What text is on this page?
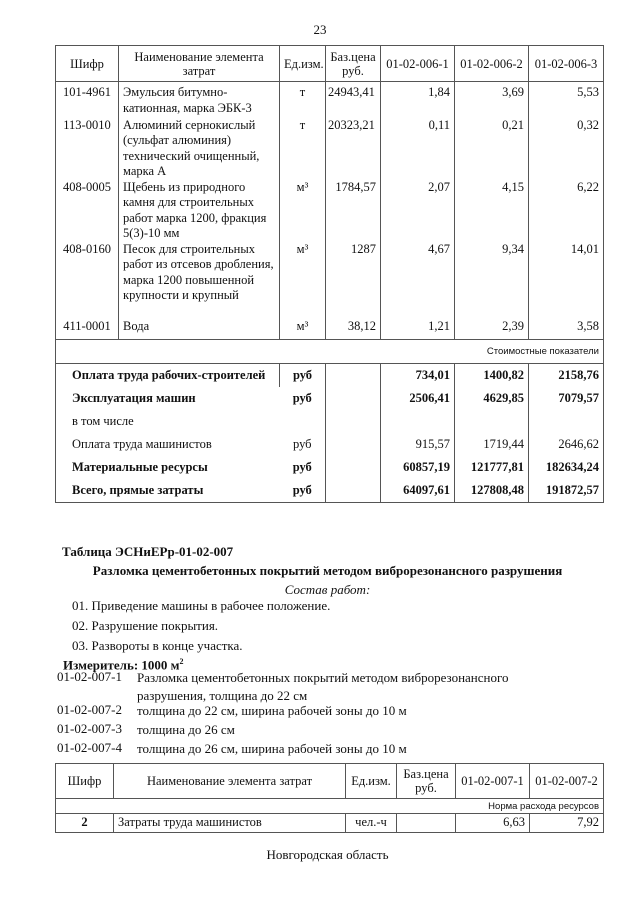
23
Шифр	Наименование элемента затрат	Ед.изм.	Баз.цена руб.	01-02-006-1	01-02-006-2	01-02-006-3
101-4961	Эмульсия битумно-катионная, марка ЭБК-3	т	24943,41	1,84	3,69	5,53
113-0010	Алюминий сернокислый (сульфат алюминия) технический очищенный, марка А	т	20323,21	0,11	0,21	0,32
408-0005	Щебень из природного камня для строительных работ марка 1200, фракция 5(3)-10 мм	м³	1784,57	2,07	4,15	6,22
408-0160	Песок для строительных работ из отсевов дробления, марка 1200 повышенной крупности и крупный	м³	1287	4,67	9,34	14,01
411-0001	Вода	м³	38,12	1,21	2,39	3,58
Стоимостные показатели						
Оплата труда рабочих-строителей		руб		734,01	1400,82	2158,76
Эксплуатация машин		руб		2506,41	4629,85	7079,57
в том числе						
Оплата труда машинистов		руб		915,57	1719,44	2646,62
Материальные ресурсы		руб		60857,19	121777,81	182634,24
Всего, прямые затраты		руб		64097,61	127808,48	191872,57
Таблица ЭСНиЕРр-01-02-007
Разломка цементобетонных покрытий методом виброрезонансного разрушения
Состав работ:
01. Приведение машины в рабочее положение.
02. Разрушение покрытия.
03. Развороты в конце участка.
Измеритель: 1000 $м^2$
01-02-007-1	Разломка цементобетонных покрытий методом виброрезонансного разрушения, толщина до 22 см
01-02-007-2	толщина до 22 см, ширина рабочей зоны до 10 м
01-02-007-3	толщина до 26 см
01-02-007-4	толщина до 26 см, ширина рабочей зоны до 10 м
Шифр	Наименование элемента затрат	Ед.изм.	Баз.цена руб.	01-02-007-1	01-02-007-2
Норма расхода ресурсов					
2	Затраты труда машинистов	чел.-ч		6,63	7,92
Новгородская область
